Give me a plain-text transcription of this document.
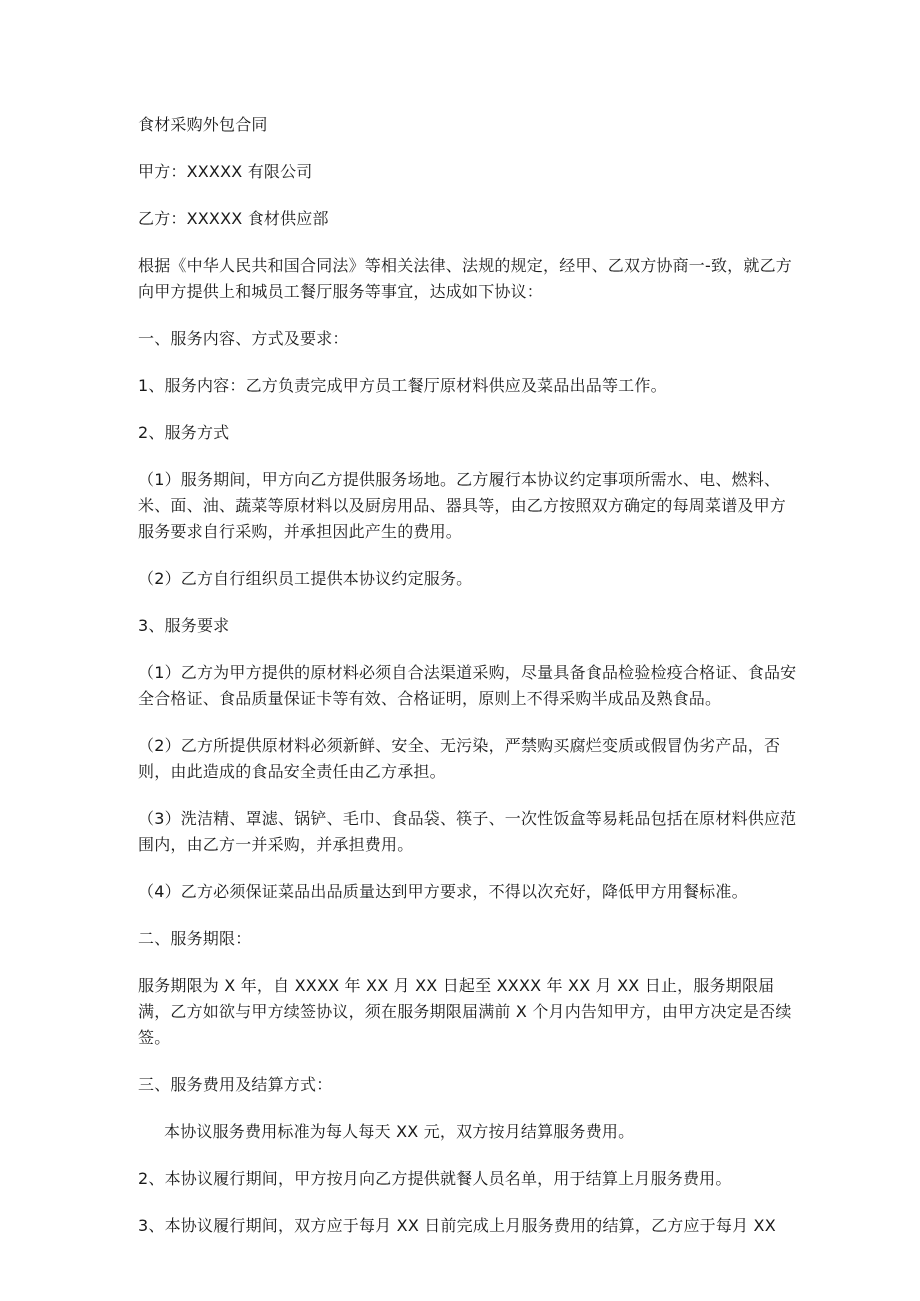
食材采购外包合同

甲方：XXXXX 有限公司

乙方：XXXXX 食材供应部

根据《中华人民共和国合同法》等相关法律、法规的规定，经甲、乙双方协商一-致，就乙方向甲方提供上和城员工餐厅服务等事宜，达成如下协议：

一、服务内容、方式及要求：

1、服务内容：乙方负责完成甲方员工餐厅原材料供应及菜品出品等工作。

2、服务方式

（1）服务期间，甲方向乙方提供服务场地。乙方履行本协议约定事项所需水、电、燃料、米、面、油、蔬菜等原材料以及厨房用品、器具等，由乙方按照双方确定的每周菜谱及甲方服务要求自行采购，并承担因此产生的费用。

（2）乙方自行组织员工提供本协议约定服务。

3、服务要求

（1）乙方为甲方提供的原材料必须自合法渠道采购，尽量具备食品检验检疫合格证、食品安全合格证、食品质量保证卡等有效、合格证明，原则上不得采购半成品及熟食品。

（2）乙方所提供原材料必须新鲜、安全、无污染，严禁购买腐烂变质或假冒伪劣产品，否则，由此造成的食品安全责任由乙方承担。

（3）洗洁精、罩滤、锅铲、毛巾、食品袋、筷子、一次性饭盒等易耗品包括在原材料供应范围内，由乙方一并采购，并承担费用。

（4）乙方必须保证菜品出品质量达到甲方要求，不得以次充好，降低甲方用餐标准。

二、服务期限：

服务期限为 X 年，自 XXXX 年 XX 月 XX 日起至 XXXX 年 XX 月 XX 日止，服务期限届满，乙方如欲与甲方续签协议，须在服务期限届满前 X 个月内告知甲方，由甲方决定是否续签。

三、服务费用及结算方式：

本协议服务费用标准为每人每天 XX 元，双方按月结算服务费用。

2、本协议履行期间，甲方按月向乙方提供就餐人员名单，用于结算上月服务费用。

3、本协议履行期间，双方应于每月 XX 日前完成上月服务费用的结算，乙方应于每月 XX
